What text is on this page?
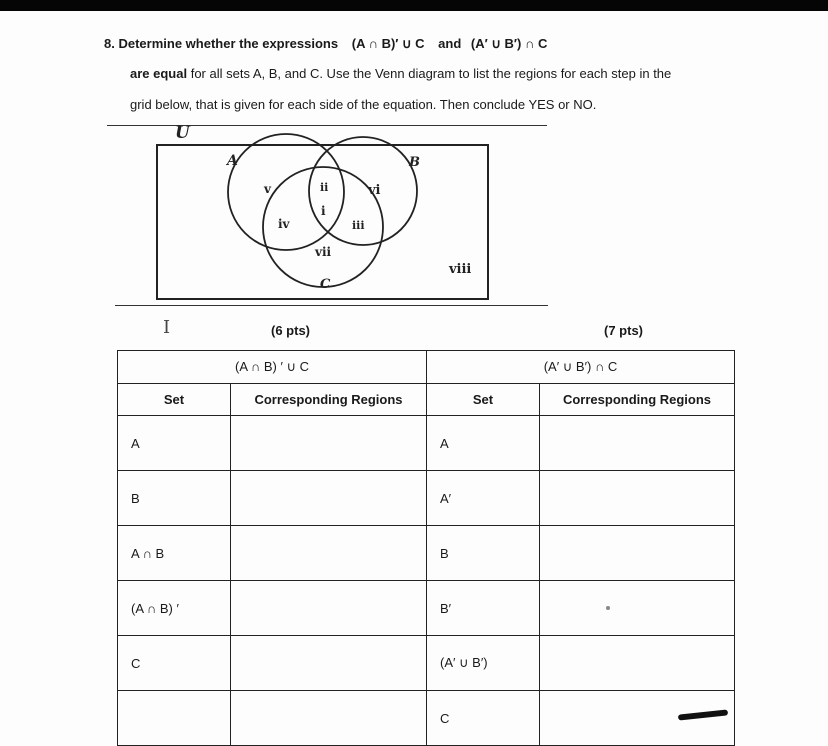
8. Determine whether the expressions (A ∩ B)′ ∪ C and (A′ ∪ B′) ∩ C
are equal for all sets A, B, and C. Use the Venn diagram to list the regions for each step in the
grid below, that is given for each side of the equation. Then conclude YES or NO.
U
A	B
C
v	ii	vi
i
iv	iii
vii
viii
I	(6 pts)	(7 pts)
(A ∩ B) ′ ∪ C		(A′ ∪ B′) ∩ C	
Set	Corresponding Regions	Set	Corresponding Regions
A		A	
B		A′	
A ∩ B		B	
(A ∩ B) ′		B′	
C		(A′ ∪ B′)	
		C	
